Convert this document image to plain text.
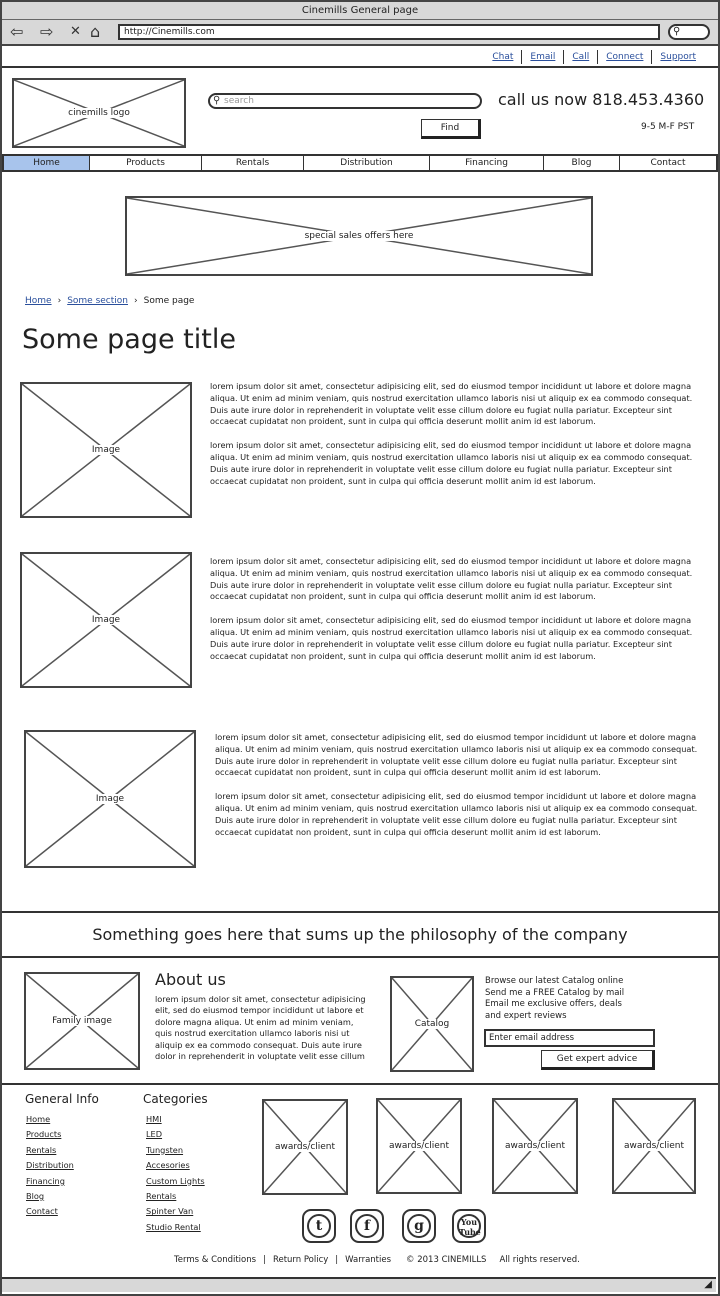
Cinemills General page
⇦ ⇨ ✕ ⌂	http://Cinemills.com	⚲
Chat	Email	Call	Connect	Support
cinemills logo
⚲ search
Find
call us now 818.453.4360
9-5 M-F PST
Home	Products	Rentals	Distribution	Financing	Blog	Contact
special sales offers here
Home › Some section › Some page
Some page title
Image

lorem ipsum dolor sit amet, consectetur adipisicing elit, sed do eiusmod tempor incididunt ut labore et dolore magna aliqua. Ut enim ad minim veniam, quis nostrud exercitation ullamco laboris nisi ut aliquip ex ea commodo consequat. Duis aute irure dolor in reprehenderit in voluptate velit esse cillum dolore eu fugiat nulla pariatur. Excepteur sint occaecat cupidatat non proident, sunt in culpa qui officia deserunt mollit anim id est laborum.

lorem ipsum dolor sit amet, consectetur adipisicing elit, sed do eiusmod tempor incididunt ut labore et dolore magna aliqua. Ut enim ad minim veniam, quis nostrud exercitation ullamco laboris nisi ut aliquip ex ea commodo consequat. Duis aute irure dolor in reprehenderit in voluptate velit esse cillum dolore eu fugiat nulla pariatur. Excepteur sint occaecat cupidatat non proident, sunt in culpa qui officia deserunt mollit anim id est laborum.

Image

lorem ipsum dolor sit amet, consectetur adipisicing elit, sed do eiusmod tempor incididunt ut labore et dolore magna aliqua. Ut enim ad minim veniam, quis nostrud exercitation ullamco laboris nisi ut aliquip ex ea commodo consequat. Duis aute irure dolor in reprehenderit in voluptate velit esse cillum dolore eu fugiat nulla pariatur. Excepteur sint occaecat cupidatat non proident, sunt in culpa qui officia deserunt mollit anim id est laborum.

lorem ipsum dolor sit amet, consectetur adipisicing elit, sed do eiusmod tempor incididunt ut labore et dolore magna aliqua. Ut enim ad minim veniam, quis nostrud exercitation ullamco laboris nisi ut aliquip ex ea commodo consequat. Duis aute irure dolor in reprehenderit in voluptate velit esse cillum dolore eu fugiat nulla pariatur. Excepteur sint occaecat cupidatat non proident, sunt in culpa qui officia deserunt mollit anim id est laborum.

Image

lorem ipsum dolor sit amet, consectetur adipisicing elit, sed do eiusmod tempor incididunt ut labore et dolore magna aliqua. Ut enim ad minim veniam, quis nostrud exercitation ullamco laboris nisi ut aliquip ex ea commodo consequat. Duis aute irure dolor in reprehenderit in voluptate velit esse cillum dolore eu fugiat nulla pariatur. Excepteur sint occaecat cupidatat non proident, sunt in culpa qui officia deserunt mollit anim id est laborum.

lorem ipsum dolor sit amet, consectetur adipisicing elit, sed do eiusmod tempor incididunt ut labore et dolore magna aliqua. Ut enim ad minim veniam, quis nostrud exercitation ullamco laboris nisi ut aliquip ex ea commodo consequat. Duis aute irure dolor in reprehenderit in voluptate velit esse cillum dolore eu fugiat nulla pariatur. Excepteur sint occaecat cupidatat non proident, sunt in culpa qui officia deserunt mollit anim id est laborum.

Something goes here that sums up the philosophy of the company
Family image
About us
lorem ipsum dolor sit amet, consectetur adipisicing elit, sed do eiusmod tempor incididunt ut labore et dolore magna aliqua. Ut enim ad minim veniam, quis nostrud exercitation ullamco laboris nisi ut aliquip ex ea commodo consequat. Duis aute irure dolor in reprehenderit in voluptate velit esse cillum
Catalog
Browse our latest Catalog online
Send me a FREE Catalog by mail
Email me exclusive offers, deals
and expert reviews
Enter email address
Get expert advice
General Info
Home
Products
Rentals
Distribution
Financing
Blog
Contact
Categories
HMI
LED
Tungsten
Accesories
Custom Lights
Rentals
Spinter Van
Studio Rental
awards/client	awards/client	awards/client	awards/client
t	f	g	You
Tube
Terms & Conditions | Return Policy | Warranties © 2013 CINEMILLS All rights reserved.
◢
